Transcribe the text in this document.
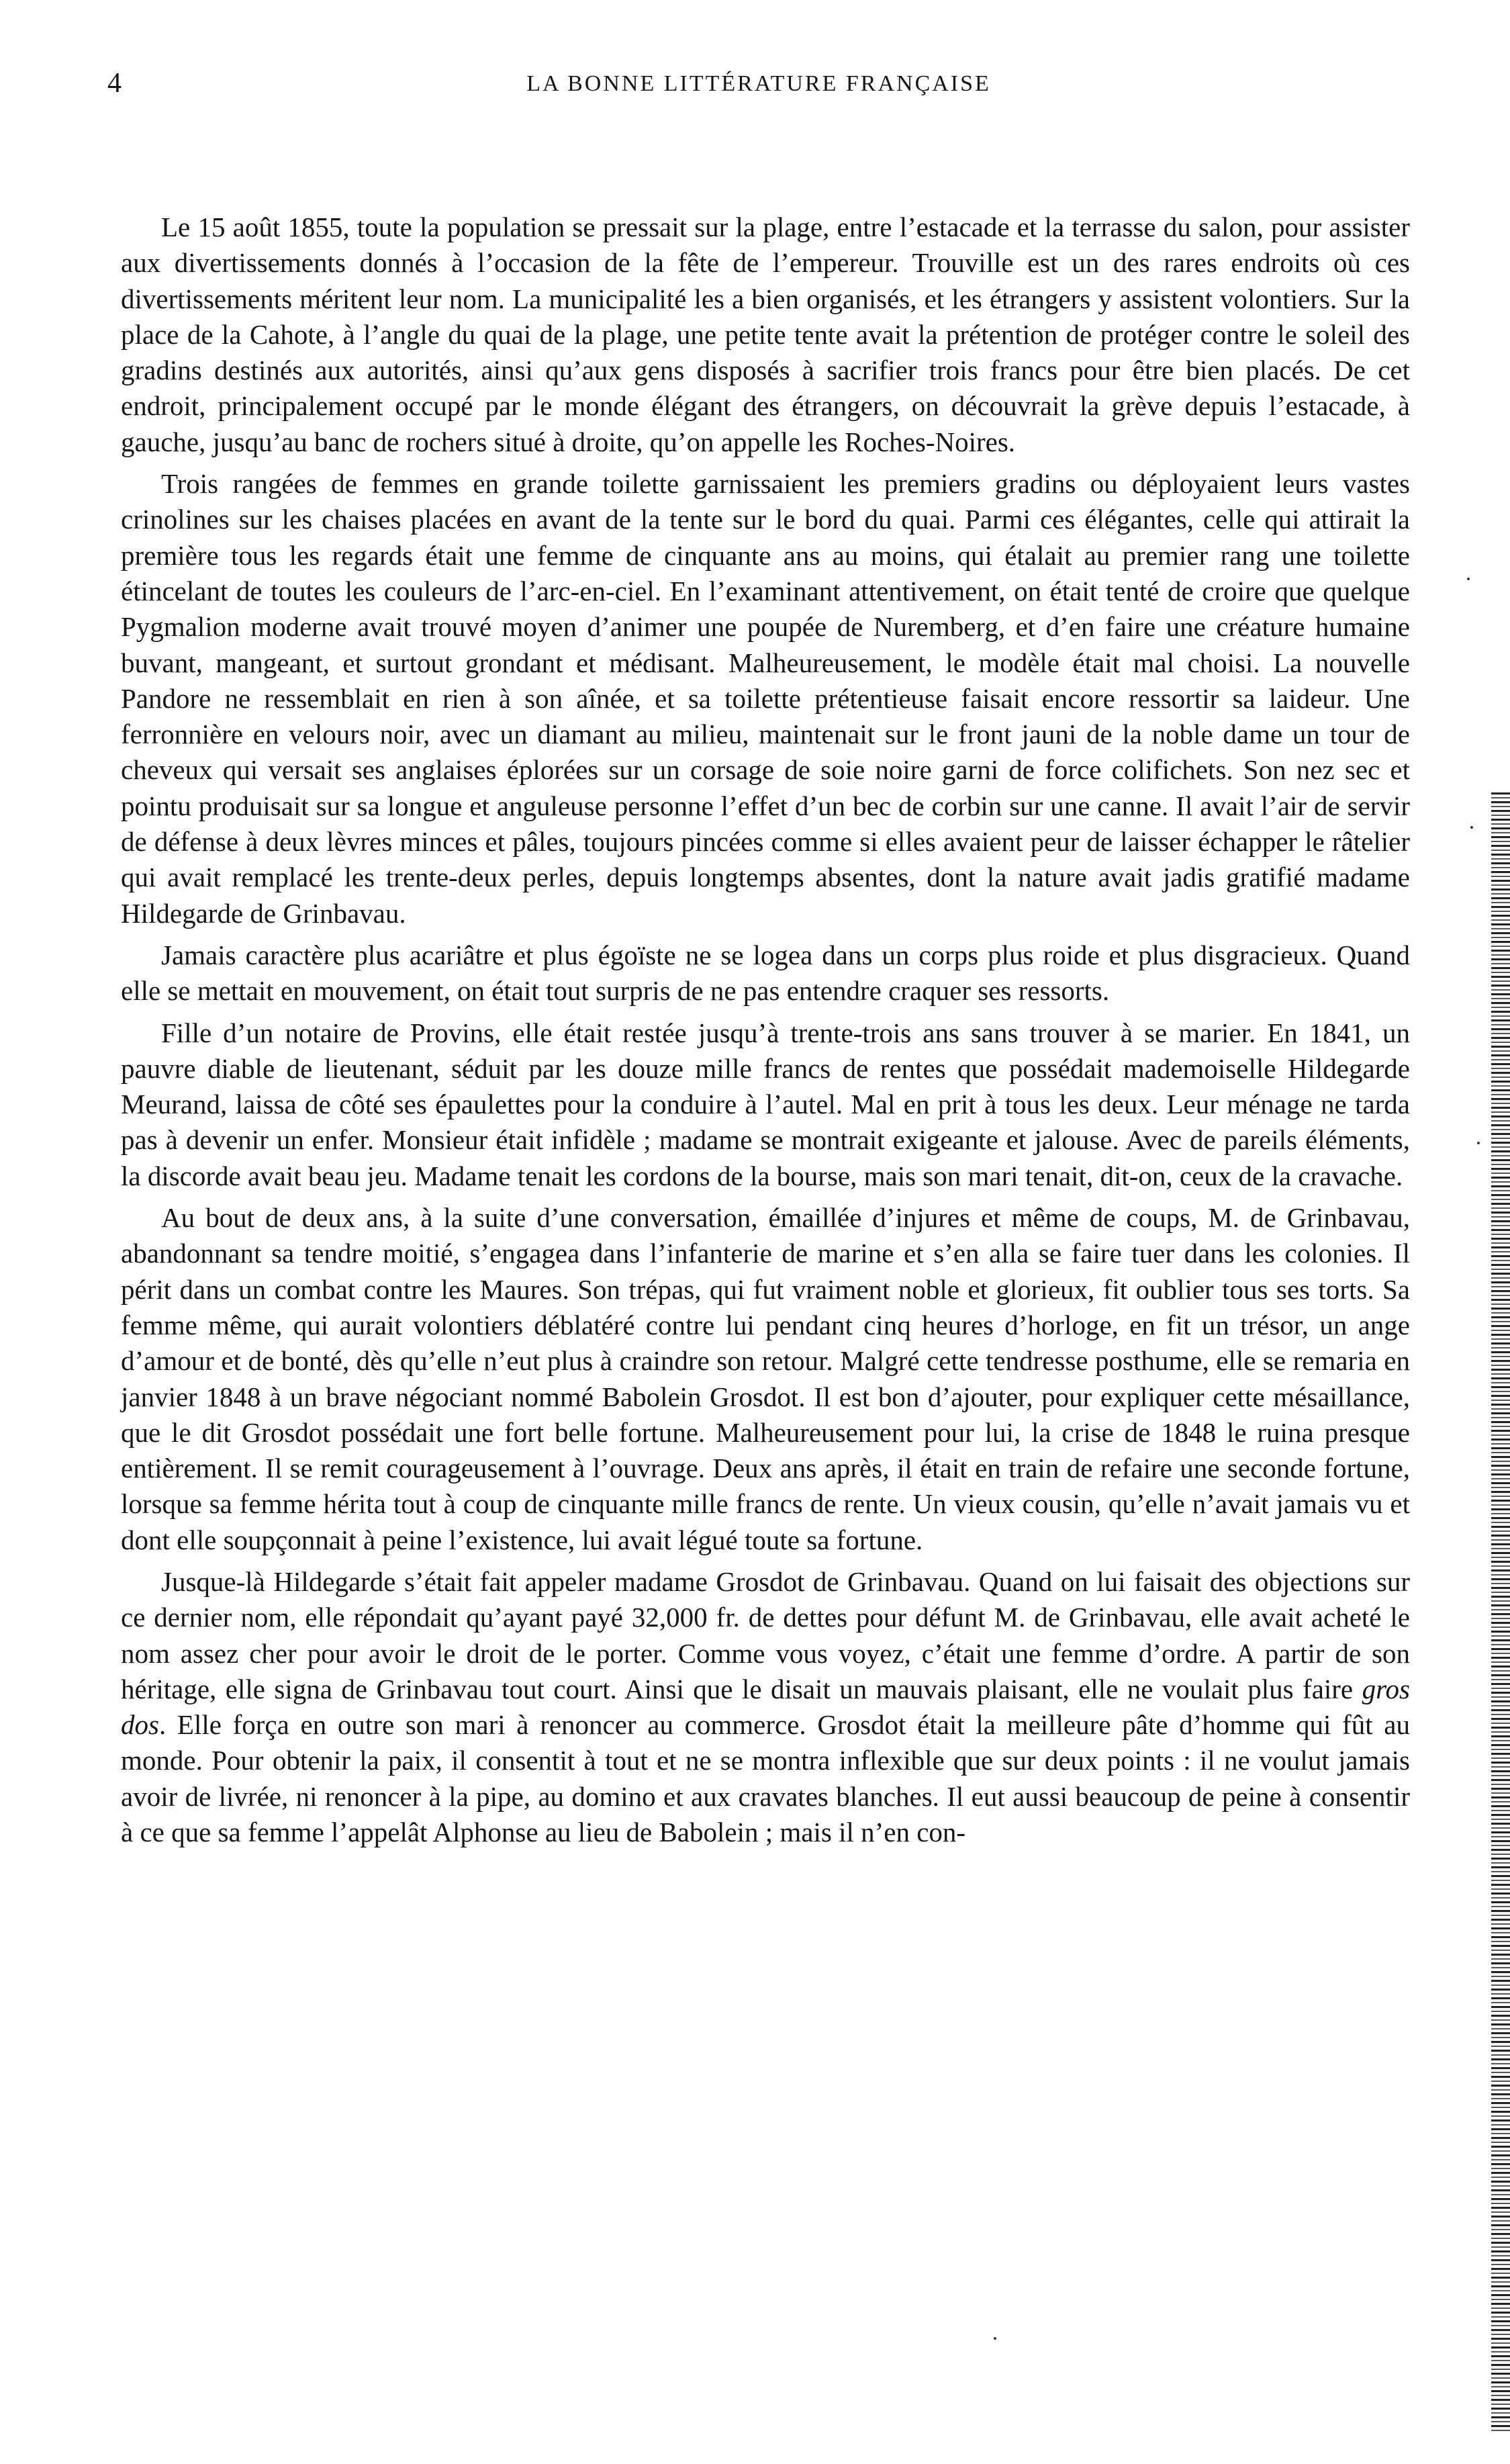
4	LA BONNE LITTÉRATURE FRANÇAISE

Le 15 août 1855, toute la population se pressait sur la plage, entre l’estacade et la terrasse du salon, pour assister aux divertissements donnés à l’occasion de la fête de l’empereur. Trouville est un des rares endroits où ces divertissements méritent leur nom. La municipalité les a bien organisés, et les étrangers y assistent volontiers. Sur la place de la Cahote, à l’angle du quai de la plage, une petite tente avait la prétention de protéger contre le soleil des gradins destinés aux autorités, ainsi qu’aux gens disposés à sacrifier trois francs pour être bien placés. De cet endroit, principalement occupé par le monde élégant des étrangers, on découvrait la grève depuis l’estacade, à gauche, jusqu’au banc de rochers situé à droite, qu’on appelle les Roches-Noires.

Trois rangées de femmes en grande toilette garnissaient les premiers gradins ou déployaient leurs vastes crinolines sur les chaises placées en avant de la tente sur le bord du quai. Parmi ces élégantes, celle qui attirait la première tous les regards était une femme de cinquante ans au moins, qui étalait au premier rang une toilette étincelant de toutes les couleurs de l’arc-en-ciel. En l’examinant attentivement, on était tenté de croire que quelque Pygmalion moderne avait trouvé moyen d’animer une poupée de Nuremberg, et d’en faire une créature humaine buvant, mangeant, et surtout grondant et médisant. Malheureusement, le modèle était mal choisi. La nouvelle Pandore ne ressemblait en rien à son aînée, et sa toilette prétentieuse faisait encore ressortir sa laideur. Une ferronnière en velours noir, avec un diamant au milieu, maintenait sur le front jauni de la noble dame un tour de cheveux qui versait ses anglaises éplorées sur un corsage de soie noire garni de force colifichets. Son nez sec et pointu produisait sur sa longue et anguleuse personne l’effet d’un bec de corbin sur une canne. Il avait l’air de servir de défense à deux lèvres minces et pâles, toujours pincées comme si elles avaient peur de laisser échapper le râtelier qui avait remplacé les trente-deux perles, depuis longtemps absentes, dont la nature avait jadis gratifié madame Hildegarde de Grinbavau.

Jamais caractère plus acariâtre et plus égoïste ne se logea dans un corps plus roide et plus disgracieux. Quand elle se mettait en mouvement, on était tout surpris de ne pas entendre craquer ses ressorts.

Fille d’un notaire de Provins, elle était restée jusqu’à trente-trois ans sans trouver à se marier. En 1841, un pauvre diable de lieutenant, séduit par les douze mille francs de rentes que possédait mademoiselle Hildegarde Meurand, laissa de côté ses épaulettes pour la conduire à l’autel. Mal en prit à tous les deux. Leur ménage ne tarda pas à devenir un enfer. Monsieur était infidèle ; madame se montrait exigeante et jalouse. Avec de pareils éléments, la discorde avait beau jeu. Madame tenait les cordons de la bourse, mais son mari tenait, dit-on, ceux de la cravache.

Au bout de deux ans, à la suite d’une conversation, émaillée d’injures et même de coups, M. de Grinbavau, abandonnant sa tendre moitié, s’engagea dans l’infanterie de marine et s’en alla se faire tuer dans les colonies. Il périt dans un combat contre les Maures. Son trépas, qui fut vraiment noble et glorieux, fit oublier tous ses torts. Sa femme même, qui aurait volontiers déblatéré contre lui pendant cinq heures d’horloge, en fit un trésor, un ange d’amour et de bonté, dès qu’elle n’eut plus à craindre son retour. Malgré cette tendresse posthume, elle se remaria en janvier 1848 à un brave négociant nommé Babolein Grosdot. Il est bon d’ajouter, pour expliquer cette mésaillance, que le dit Grosdot possédait une fort belle fortune. Malheureusement pour lui, la crise de 1848 le ruina presque entièrement. Il se remit courageusement à l’ouvrage. Deux ans après, il était en train de refaire une seconde fortune, lorsque sa femme hérita tout à coup de cinquante mille francs de rente. Un vieux cousin, qu’elle n’avait jamais vu et dont elle soupçonnait à peine l’existence, lui avait légué toute sa fortune.

Jusque-là Hildegarde s’était fait appeler madame Grosdot de Grinbavau. Quand on lui faisait des objections sur ce dernier nom, elle répondait qu’ayant payé 32,000 fr. de dettes pour défunt M. de Grinbavau, elle avait acheté le nom assez cher pour avoir le droit de le porter. Comme vous voyez, c’était une femme d’ordre. A partir de son héritage, elle signa de Grinbavau tout court. Ainsi que le disait un mauvais plaisant, elle ne voulait plus faire gros dos. Elle força en outre son mari à renoncer au commerce. Grosdot était la meilleure pâte d’homme qui fût au monde. Pour obtenir la paix, il consentit à tout et ne se montra inflexible que sur deux points : il ne voulut jamais avoir de livrée, ni renoncer à la pipe, au domino et aux cravates blanches. Il eut aussi beaucoup de peine à consentir à ce que sa femme l’appelât Alphonse au lieu de Babolein ; mais il n’en con-
